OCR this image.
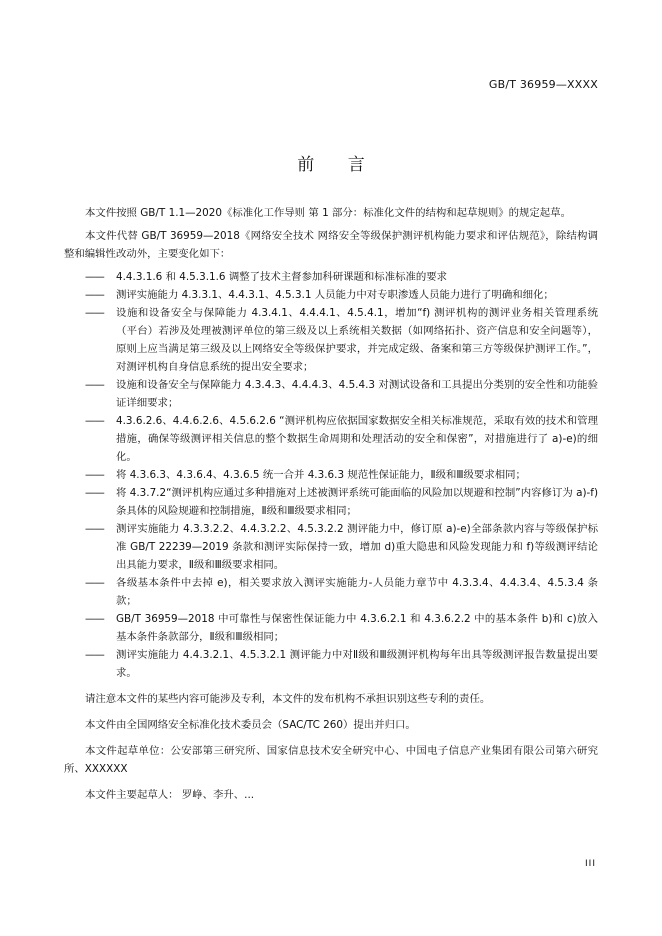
GB/T 36959—XXXX
前 言

本文件按照 GB/T 1.1—2020《标准化工作导则 第 1 部分：标准化文件的结构和起草规则》的规定起草。

本文件代替 GB/T 36959—2018《网络安全技术 网络安全等级保护测评机构能力要求和评估规范》，除结构调整和编辑性改动外，主要变化如下：

——	4.4.3.1.6 和 4.5.3.1.6 调整了技术主督参加科研课题和标准标准的要求
——	测评实施能力 4.3.3.1、4.4.3.1、4.5.3.1 人员能力中对专职渗透人员能力进行了明确和细化；
——	设施和设备安全与保障能力 4.3.4.1、4.4.4.1、4.5.4.1，增加“f) 测评机构的测评业务相关管理系统（平台）若涉及处理被测评单位的第三级及以上系统相关数据（如网络拓扑、资产信息和安全问题等），原则上应当满足第三级及以上网络安全等级保护要求，并完成定级、备案和第三方等级保护测评工作。”，对测评机构自身信息系统的提出安全要求；
——	设施和设备安全与保障能力 4.3.4.3、4.4.4.3、4.5.4.3 对测试设备和工具提出分类别的安全性和功能验证详细要求；
——	4.3.6.2.6、4.4.6.2.6、4.5.6.2.6 “测评机构应依据国家数据安全相关标准规范，采取有效的技术和管理措施，确保等级测评相关信息的整个数据生命周期和处理活动的安全和保密”，对措施进行了 a)-e)的细化。
——	将 4.3.6.3、4.3.6.4、4.3.6.5 统一合并 4.3.6.3 规范性保证能力，Ⅱ级和Ⅲ级要求相同；
——	将 4.3.7.2“测评机构应通过多种措施对上述被测评系统可能面临的风险加以规避和控制”内容修订为 a)-f)条具体的风险规避和控制措施，Ⅱ级和Ⅲ级要求相同；
——	测评实施能力 4.3.3.2.2、4.4.3.2.2、4.5.3.2.2 测评能力中，修订原 a)-e)全部条款内容与等级保护标准 GB/T 22239—2019 条款和测评实际保持一致，增加 d)重大隐患和风险发现能力和 f)等级测评结论出具能力要求，Ⅱ级和Ⅲ级要求相同。
——	各级基本条件中去掉 e)，相关要求放入测评实施能力-人员能力章节中 4.3.3.4、4.4.3.4、4.5.3.4 条款；
——	GB/T 36959—2018 中可靠性与保密性保证能力中 4.3.6.2.1 和 4.3.6.2.2 中的基本条件 b)和 c)放入基本条件条款部分，Ⅱ级和Ⅲ级相同；
——	测评实施能力 4.4.3.2.1、4.5.3.2.1 测评能力中对Ⅱ级和Ⅲ级测评机构每年出具等级测评报告数量提出要求。

请注意本文件的某些内容可能涉及专利，本文件的发布机构不承担识别这些专利的责任。

本文件由全国网络安全标准化技术委员会（SAC/TC 260）提出并归口。

本文件起草单位：公安部第三研究所、国家信息技术安全研究中心、中国电子信息产业集团有限公司第六研究所、XXXXXX

本文件主要起草人： 罗峥、李升、...

III
